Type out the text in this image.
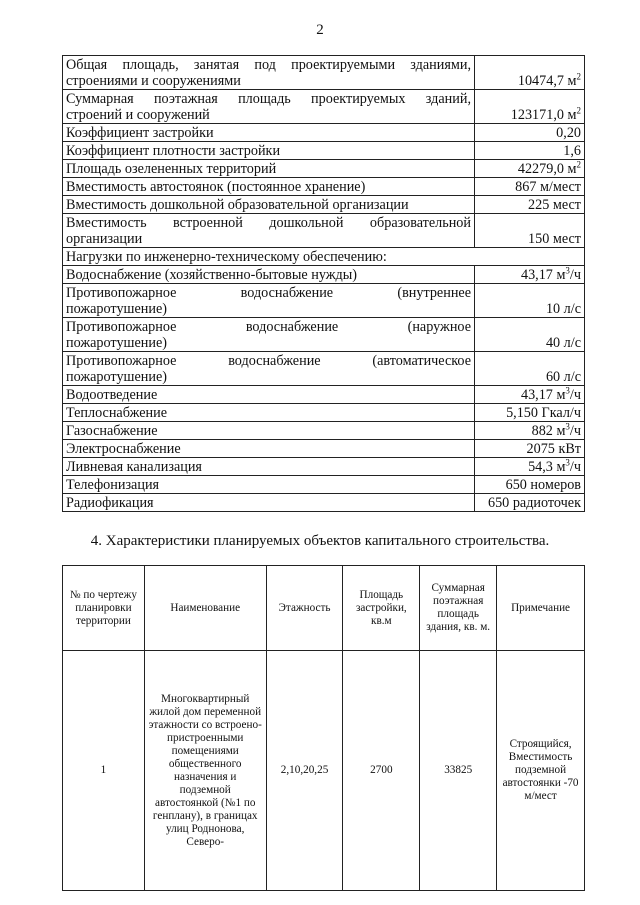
2
Общая площадь, занятая под проектируемыми зданиями,
строениями и сооружениями	10474,7 $м^2$

Суммарная поэтажная площадь проектируемых зданий,
строений и сооружений	123171,0 $м^2$
Коэффициент застройки	0,20
Коэффициент плотности застройки	1,6
Площадь озелененных территорий	42279,0 $м^2$
Вместимость автостоянок (постоянное хранение)	867 м/мест
Вместимость дошкольной образовательной организации	225 мест

Вместимость встроенной дошкольной образовательной
организации	150 мест
Нагрузки по инженерно-техническому обеспечению:	
Водоснабжение (хозяйственно-бытовые нужды)	43,17 $м^3/ч$

Противопожарное водоснабжение (внутреннее
пожаротушение)	10 л/с

Противопожарное водоснабжение (наружное
пожаротушение)	40 л/с

Противопожарное водоснабжение (автоматическое
пожаротушение)	60 л/с
Водоотведение	43,17 $м^3/ч$
Теплоснабжение	5,150 Гкал/ч
Газоснабжение	882 $м^3/ч$
Электроснабжение	2075 кВт
Ливневая канализация	54,3 $м^3/ч$
Телефонизация	650 номеров
Радиофикация	650 радиоточек
4. Характеристики планируемых объектов капитального строительства.
№ по чертежу планировки территории	Наименование	Этажность	Площадь застройки, кв.м	Суммарная поэтажная площадь здания, кв. м.	Примечание
1	Многоквартирный жилой дом переменной этажности со встроено-пристроенными помещениями общественного назначения и подземной автостоянкой (№1 по генплану), в границах улиц Роднонова, Северо-	2,10,20,25	2700	33825	Строящийся, Вместимость подземной автостоянки -70 м/мест
